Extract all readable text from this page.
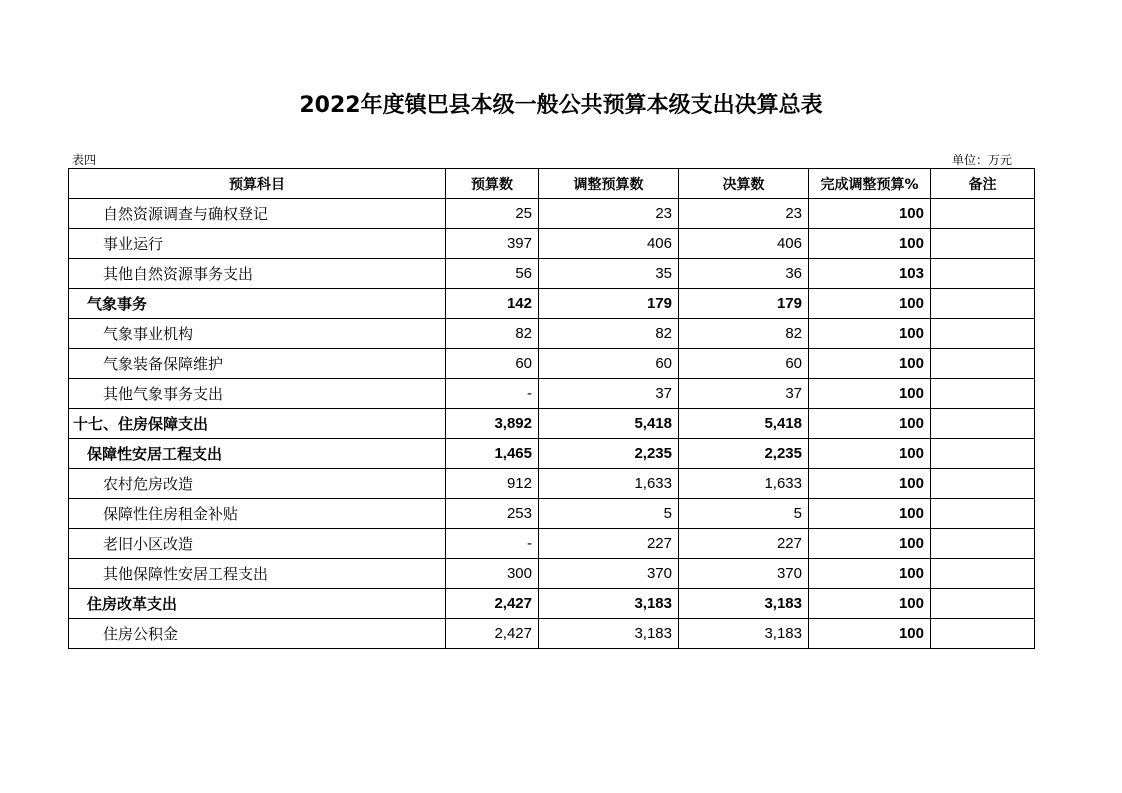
2022年度镇巴县本级一般公共预算本级支出决算总表
表四	单位：万元
预算科目	预算数	调整预算数	决算数	完成调整预算%	备注
自然资源调查与确权登记	25	23	23	100	
事业运行	397	406	406	100	
其他自然资源事务支出	56	35	36	103	
气象事务	142	179	179	100	
气象事业机构	82	82	82	100	
气象装备保障维护	60	60	60	100	
其他气象事务支出	-	37	37	100	
十七、住房保障支出	3,892	5,418	5,418	100	
保障性安居工程支出	1,465	2,235	2,235	100	
农村危房改造	912	1,633	1,633	100	
保障性住房租金补贴	253	5	5	100	
老旧小区改造	-	227	227	100	
其他保障性安居工程支出	300	370	370	100	
住房改革支出	2,427	3,183	3,183	100	
住房公积金	2,427	3,183	3,183	100	
